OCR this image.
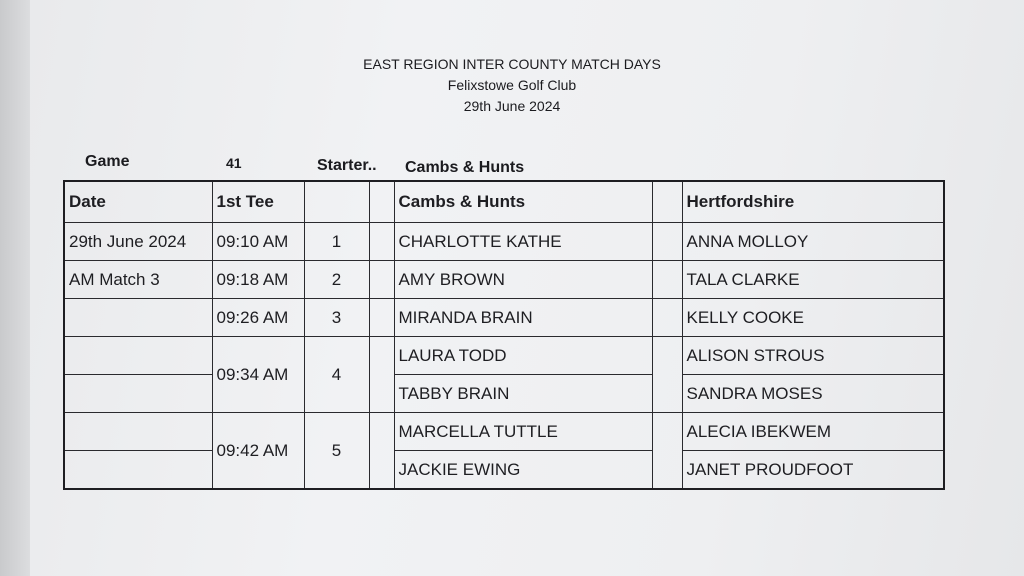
EAST REGION INTER COUNTY MATCH DAYS
Felixstowe Golf Club
29th June 2024
Game	41	Starter.. Cambs & Hunts
Date	1st Tee			Cambs & Hunts		Hertfordshire
29th June 2024	09:10 AM	1		CHARLOTTE KATHE		ANNA MOLLOY
AM Match 3	09:18 AM	2		AMY BROWN		TALA CLARKE
	09:26 AM	3		MIRANDA BRAIN		KELLY COOKE
	09:34 AM	4		LAURA TODD		ALISON STROUS
				TABBY BRAIN		SANDRA MOSES
	09:42 AM	5		MARCELLA TUTTLE		ALECIA IBEKWEM
				JACKIE EWING		JANET PROUDFOOT
